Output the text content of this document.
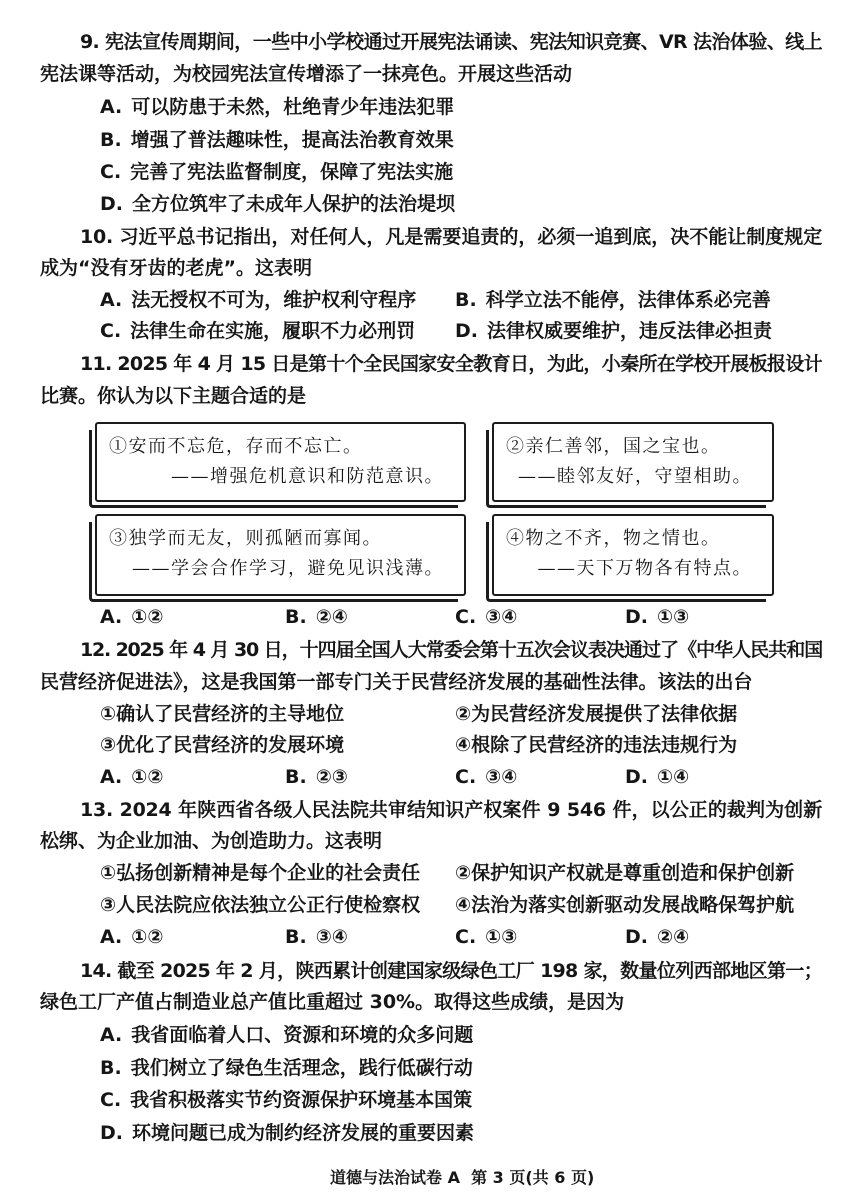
9. 宪法宣传周期间，一些中小学校通过开展宪法诵读、宪法知识竞赛、VR 法治体验、线上
宪法课等活动，为校园宪法宣传增添了一抹亮色。开展这些活动
A. 可以防患于未然，杜绝青少年违法犯罪
B. 增强了普法趣味性，提高法治教育效果
C. 完善了宪法监督制度，保障了宪法实施
D. 全方位筑牢了未成年人保护的法治堤坝
10. 习近平总书记指出，对任何人，凡是需要追责的，必须一追到底，决不能让制度规定
成为“没有牙齿的老虎”。这表明
A. 法无授权不可为，维护权利守程序 B. 科学立法不能停，法律体系必完善
C. 法律生命在实施，履职不力必刑罚 D. 法律权威要维护，违反法律必担责
11. 2025 年 4 月 15 日是第十个全民国家安全教育日，为此，小秦所在学校开展板报设计
比赛。你认为以下主题合适的是
①安而不忘危，存而不忘亡。
——增强危机意识和防范意识。
②亲仁善邻，国之宝也。
——睦邻友好，守望相助。
③独学而无友，则孤陋而寡闻。
——学会合作学习，避免见识浅薄。
④物之不齐，物之情也。
——天下万物各有特点。
A. ①②	B. ②④	C. ③④	D. ①③
12. 2025 年 4 月 30 日，十四届全国人大常委会第十五次会议表决通过了《中华人民共和国
民营经济促进法》，这是我国第一部专门关于民营经济发展的基础性法律。该法的出台
①确认了民营经济的主导地位	②为民营经济发展提供了法律依据
③优化了民营经济的发展环境	④根除了民营经济的违法违规行为
A. ①②	B. ②③	C. ③④	D. ①④
13. 2024 年陕西省各级人民法院共审结知识产权案件 9 546 件，以公正的裁判为创新
松绑、为企业加油、为创造助力。这表明
①弘扬创新精神是每个企业的社会责任 ②保护知识产权就是尊重创造和保护创新
③人民法院应依法独立公正行使检察权 ④法治为落实创新驱动发展战略保驾护航
A. ①②	B. ③④	C. ①③	D. ②④
14. 截至 2025 年 2 月，陕西累计创建国家级绿色工厂 198 家，数量位列西部地区第一；
绿色工厂产值占制造业总产值比重超过 30%。取得这些成绩，是因为
A. 我省面临着人口、资源和环境的众多问题
B. 我们树立了绿色生活理念，践行低碳行动
C. 我省积极落实节约资源保护环境基本国策
D. 环境问题已成为制约经济发展的重要因素
道德与法治试卷 A  第 3 页(共 6 页)
